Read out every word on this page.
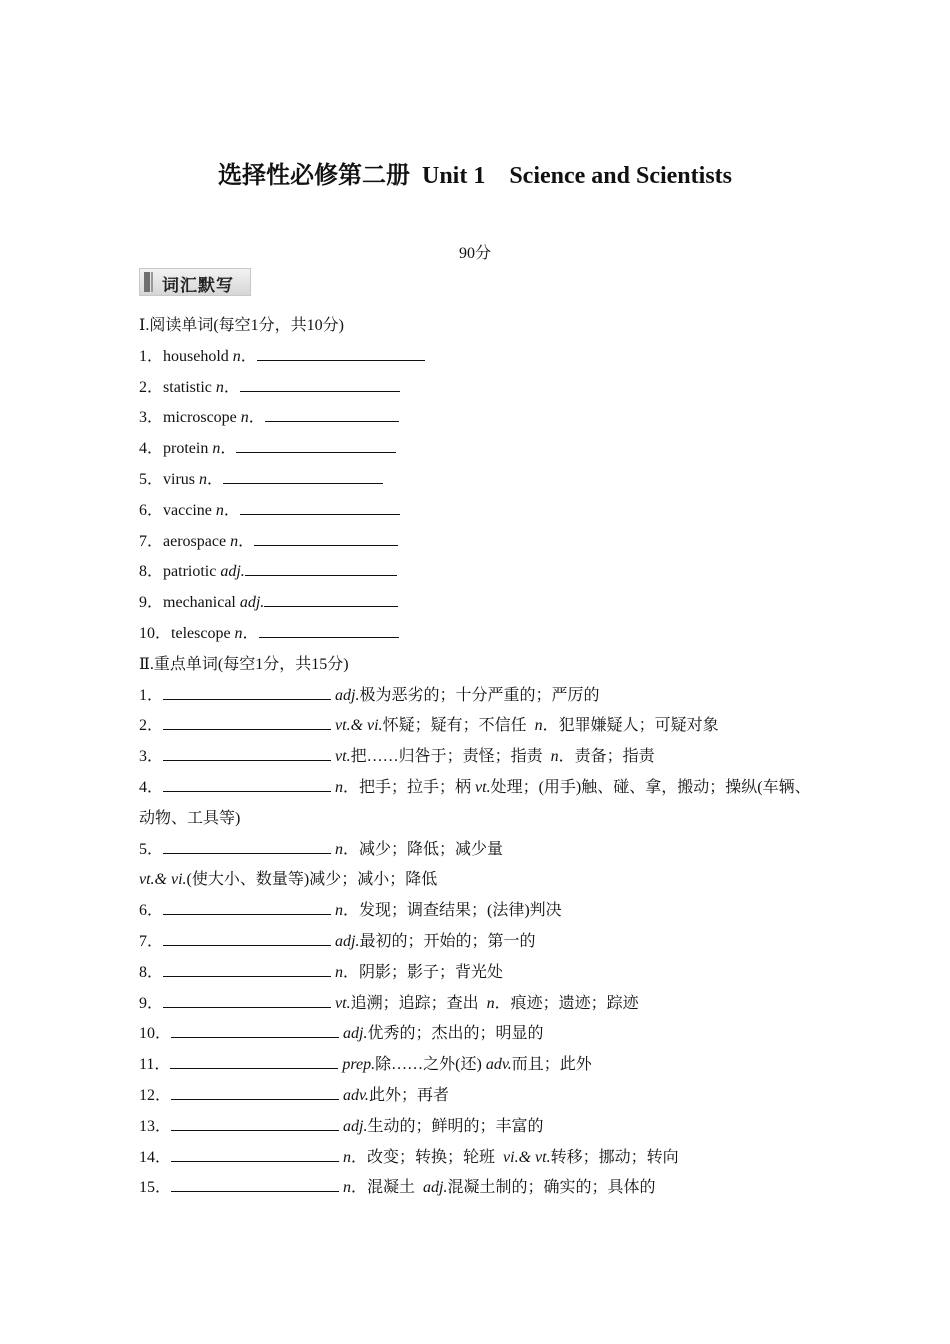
选择性必修第二册  Unit 1    Science and Scientists
90分
词汇默写
Ⅰ.阅读单词(每空1分，共10分)
1．household n．
2．statistic n．
3．microscope n．
4．protein n．
5．virus n．
6．vaccine n．
7．aerospace n．
8．patriotic adj.
9．mechanical adj.
10．telescope n．
Ⅱ.重点单词(每空1分，共15分)
1．	adj.极为恶劣的；十分严重的；严厉的
2．	vt.& vi.怀疑；疑有；不信任  n．犯罪嫌疑人；可疑对象
3．	vt.把……归咎于；责怪；指责  n．责备；指责
4．	n．把手；拉手；柄 vt.处理；(用手)触、碰、拿，搬动；操纵(车辆、动物、工具等)
5．	n．减少；降低；减少量
vt.& vi.(使大小、数量等)减少；减小；降低
6．	n．发现；调查结果；(法律)判决
7．	adj.最初的；开始的；第一的
8．	n．阴影；影子；背光处
9．	vt.追溯；追踪；查出  n．痕迹；遗迹；踪迹
10．	adj.优秀的；杰出的；明显的
11．	prep.除……之外(还) adv.而且；此外
12．	adv.此外；再者
13．	adj.生动的；鲜明的；丰富的
14．	n．改变；转换；轮班  vi.& vt.转移；挪动；转向
15．	n．混凝土  adj.混凝土制的；确实的；具体的
